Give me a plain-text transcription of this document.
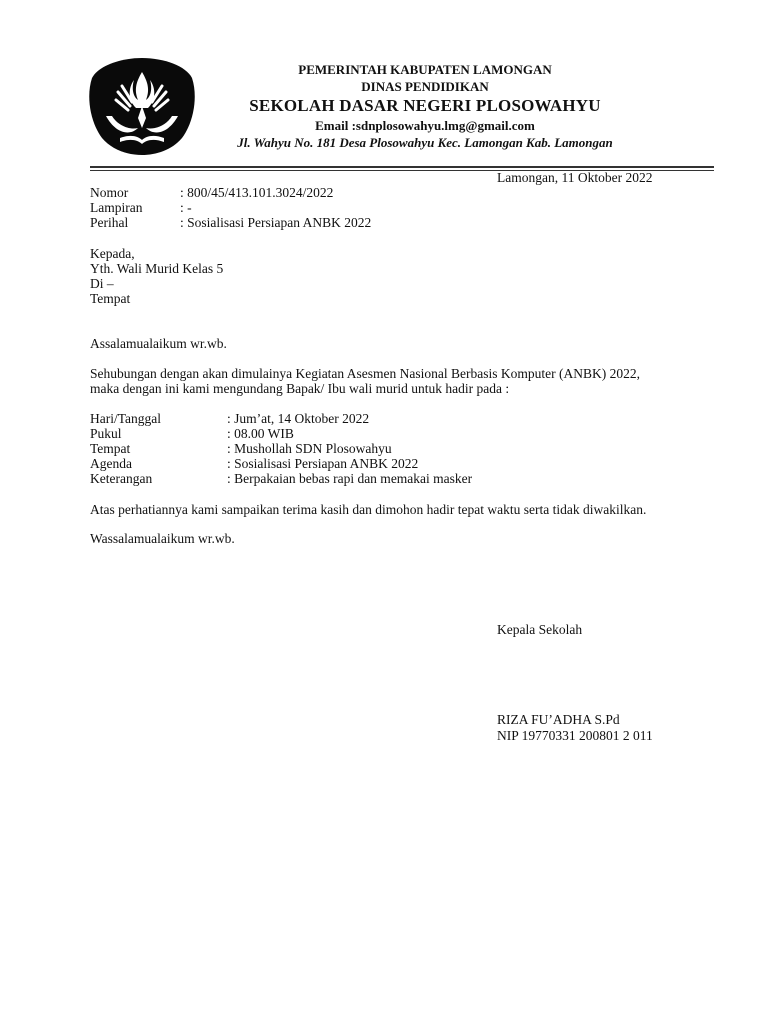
PEMERINTAH KABUPATEN LAMONGAN
DINAS PENDIDIKAN
SEKOLAH DASAR NEGERI PLOSOWAHYU
Email :sdnplosowahyu.lmg@gmail.com
Jl. Wahyu No. 181 Desa Plosowahyu Kec. Lamongan Kab. Lamongan
Lamongan, 11 Oktober 2022
Nomor	: 800/45/413.101.3024/2022
Lampiran	: -
Perihal	: Sosialisasi Persiapan ANBK 2022
Kepada,
Yth. Wali Murid Kelas 5
Di –
Tempat
Assalamualaikum wr.wb.
Sehubungan dengan akan dimulainya Kegiatan Asesmen Nasional Berbasis Komputer (ANBK) 2022,
maka dengan ini kami mengundang Bapak/ Ibu wali murid untuk hadir pada :
Hari/Tanggal	: Jum’at, 14 Oktober 2022
Pukul	: 08.00 WIB
Tempat	: Mushollah SDN Plosowahyu
Agenda	: Sosialisasi Persiapan ANBK 2022
Keterangan	: Berpakaian bebas rapi dan memakai masker
Atas perhatiannya kami sampaikan terima kasih dan dimohon hadir tepat waktu serta tidak diwakilkan.
Wassalamualaikum wr.wb.
Kepala Sekolah
RIZA FU’ADHA S.Pd
NIP 19770331 200801 2 011
